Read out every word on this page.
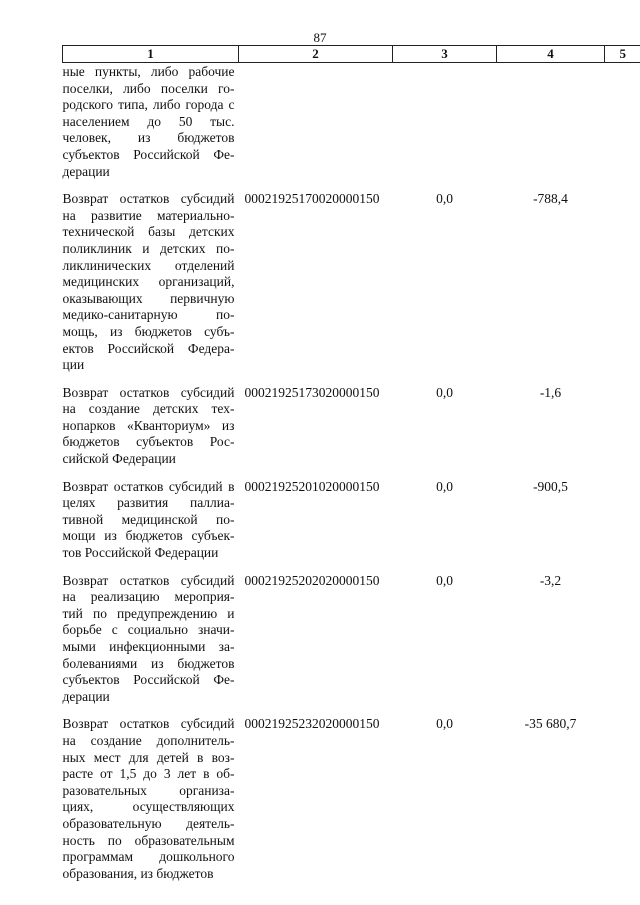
87
1	2	3	4	5
ные пункты, либо рабочие поселки, либо поселки го- родского типа, либо города с населением до 50 тыс. человек, из бюджетов субъектов Российской Фе- дерации				
Возврат остатков субсидий на развитие материально- технической базы детских поликлиник и детских по- ликлинических отделений медицинских организаций, оказывающих первичную медико-санитарную по- мощь, из бюджетов субъ- ектов Российской Федера- ции	00021925170020000150	0,0	-788,4	
Возврат остатков субсидий на создание детских тех- нопарков «Кванториум» из бюджетов субъектов Рос- сийской Федерации	00021925173020000150	0,0	-1,6	
Возврат остатков субсидий в целях развития паллиа- тивной медицинской по- мощи из бюджетов субъек- тов Российской Федерации	00021925201020000150	0,0	-900,5	
Возврат остатков субсидий на реализацию мероприя- тий по предупреждению и борьбе с социально значи- мыми инфекционными за- болеваниями из бюджетов субъектов Российской Фе- дерации	00021925202020000150	0,0	-3,2	
Возврат остатков субсидий на создание дополнитель- ных мест для детей в воз- расте от 1,5 до 3 лет в об- разовательных организа- циях, осуществляющих образовательную деятель- ность по образовательным программам дошкольного образования, из бюджетов	00021925232020000150	0,0	-35 680,7	
